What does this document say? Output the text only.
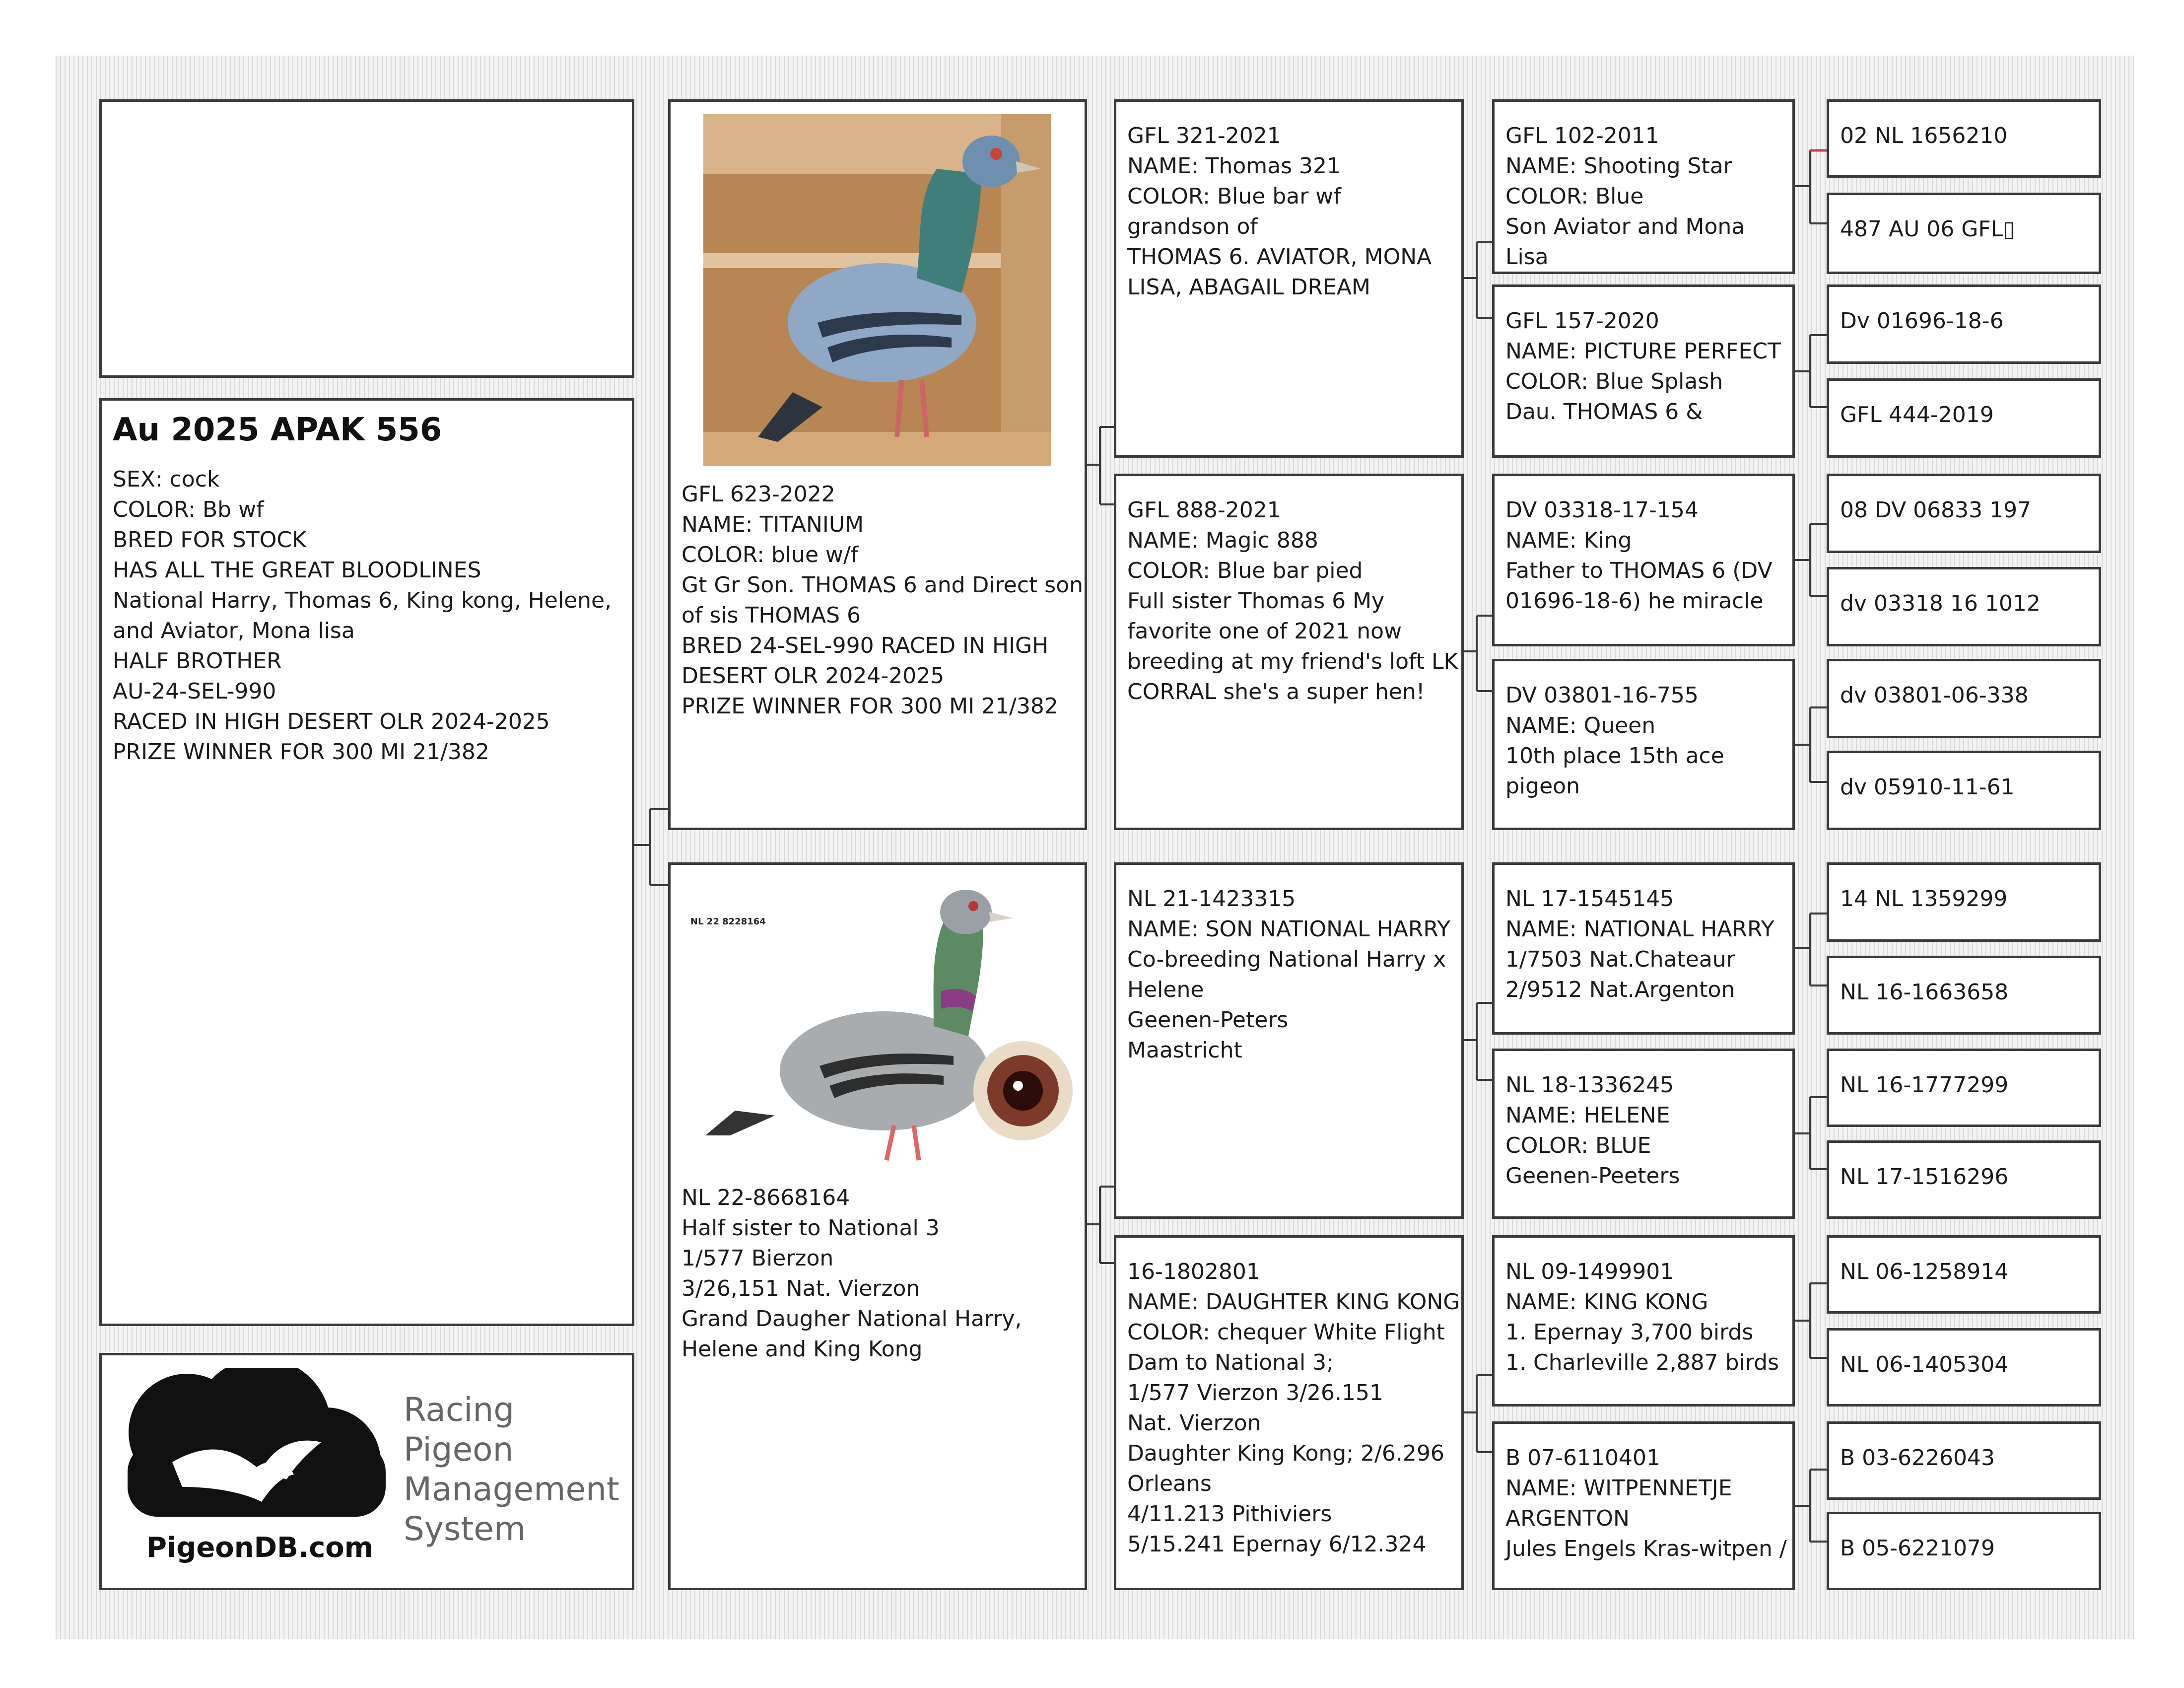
Au 2025 APAK 556
SEX: cock
COLOR: Bb wf
BRED FOR STOCK
HAS ALL THE GREAT BLOODLINES
National Harry, Thomas 6, King kong, Helene,
and Aviator, Mona lisa
HALF BROTHER
AU-24-SEL-990
RACED IN HIGH DESERT OLR 2024-2025
PRIZE WINNER FOR 300 MI 21/382
Racing Pigeon
Management
System
PigeonDB.com
GFL 623-2022
NAME: TITANIUM
COLOR: blue w/f
Gt Gr Son. THOMAS 6 and Direct son
of sis THOMAS 6
BRED 24-SEL-990 RACED IN HIGH
DESERT OLR 2024-2025
PRIZE WINNER FOR 300 MI 21/382
NL 22 8228164
NL 22-8668164
Half sister to National 3
1/577 Bierzon
3/26,151 Nat. Vierzon
Grand Daugher National Harry,
Helene and King Kong
GFL 321-2021
NAME: Thomas 321
COLOR: Blue bar wf
grandson of
THOMAS 6. AVIATOR, MONA
LISA, ABAGAIL DREAM
GFL 888-2021
NAME: Magic 888
COLOR: Blue bar pied
Full sister Thomas 6 My
favorite one of 2021 now
breeding at my friend's loft LK
CORRAL she's a super hen!
NL 21-1423315
NAME: SON NATIONAL HARRY
Co-breeding National Harry x
Helene
Geenen-Peters
Maastricht
16-1802801
NAME: DAUGHTER KING KONG
COLOR: chequer White Flight
Dam to National 3;
1/577 Vierzon 3/26.151
Nat. Vierzon
Daughter King Kong; 2/6.296
Orleans
4/11.213 Pithiviers
5/15.241 Epernay 6/12.324
GFL 102-2011
NAME: Shooting Star
COLOR: Blue
Son Aviator and Mona Lisa
GFL 157-2020
NAME: PICTURE PERFECT
COLOR: Blue Splash
Dau. THOMAS 6 &
DV 03318-17-154
NAME: King
Father to THOMAS 6 (DV
01696-18-6) he miracle
DV 03801-16-755
NAME: Queen
10th place 15th ace
pigeon
NL 17-1545145
NAME: NATIONAL HARRY
1/7503 Nat.Chateaur
2/9512 Nat.Argenton
NL 18-1336245
NAME: HELENE
COLOR: BLUE
Geenen-Peeters
NL 09-1499901
NAME: KING KONG
1. Epernay 3,700 birds
1. Charleville 2,887 birds
B 07-6110401
NAME: WITPENNETJE
ARGENTON
Jules Engels Kras-witpen /
02 NL 1656210
487 AU 06 GFL▯
Dv 01696-18-6
GFL 444-2019
08 DV 06833 197
dv 03318 16 1012
dv 03801-06-338
dv 05910-11-61
14 NL 1359299
NL 16-1663658
NL 16-1777299
NL 17-1516296
NL 06-1258914
NL 06-1405304
B 03-6226043
B 05-6221079
